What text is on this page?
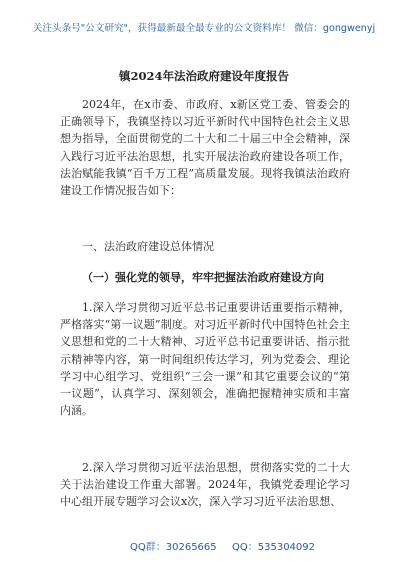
关注头条号"公文研究"，获得最新最全最专业的公文资料库！ 微信：gongwenyj
镇2024年法治政府建设年度报告
2024年，在x市委、市政府、x新区党工委、管委会的正确领导下，我镇坚持以习近平新时代中国特色社会主义思想为指导，全面贯彻党的二十大和二十届三中全会精神，深入践行习近平法治思想，扎实开展法治政府建设各项工作，法治赋能我镇“百千万工程”高质量发展。现将我镇法治政府建设工作情况报告如下：
一、法治政府建设总体情况
（一）强化党的领导，牢牢把握法治政府建设方向
1.深入学习贯彻习近平总书记重要讲话重要指示精神，严格落实“第一议题”制度。对习近平新时代中国特色社会主义思想和党的二十大精神、习近平总书记重要讲话、指示批示精神等内容，第一时间组织传达学习，列为党委会、理论学习中心组学习、党组织“三会一课”和其它重要会议的“第一议题”，认真学习、深刻领会，准确把握精神实质和丰富内涵。
2.深入学习贯彻习近平法治思想，贯彻落实党的二十大关于法治建设工作重大部署。2024年，我镇党委理论学习中心组开展专题学习会议x次，深入学习习近平法治思想、
QQ群：30265665 QQ：535304092
